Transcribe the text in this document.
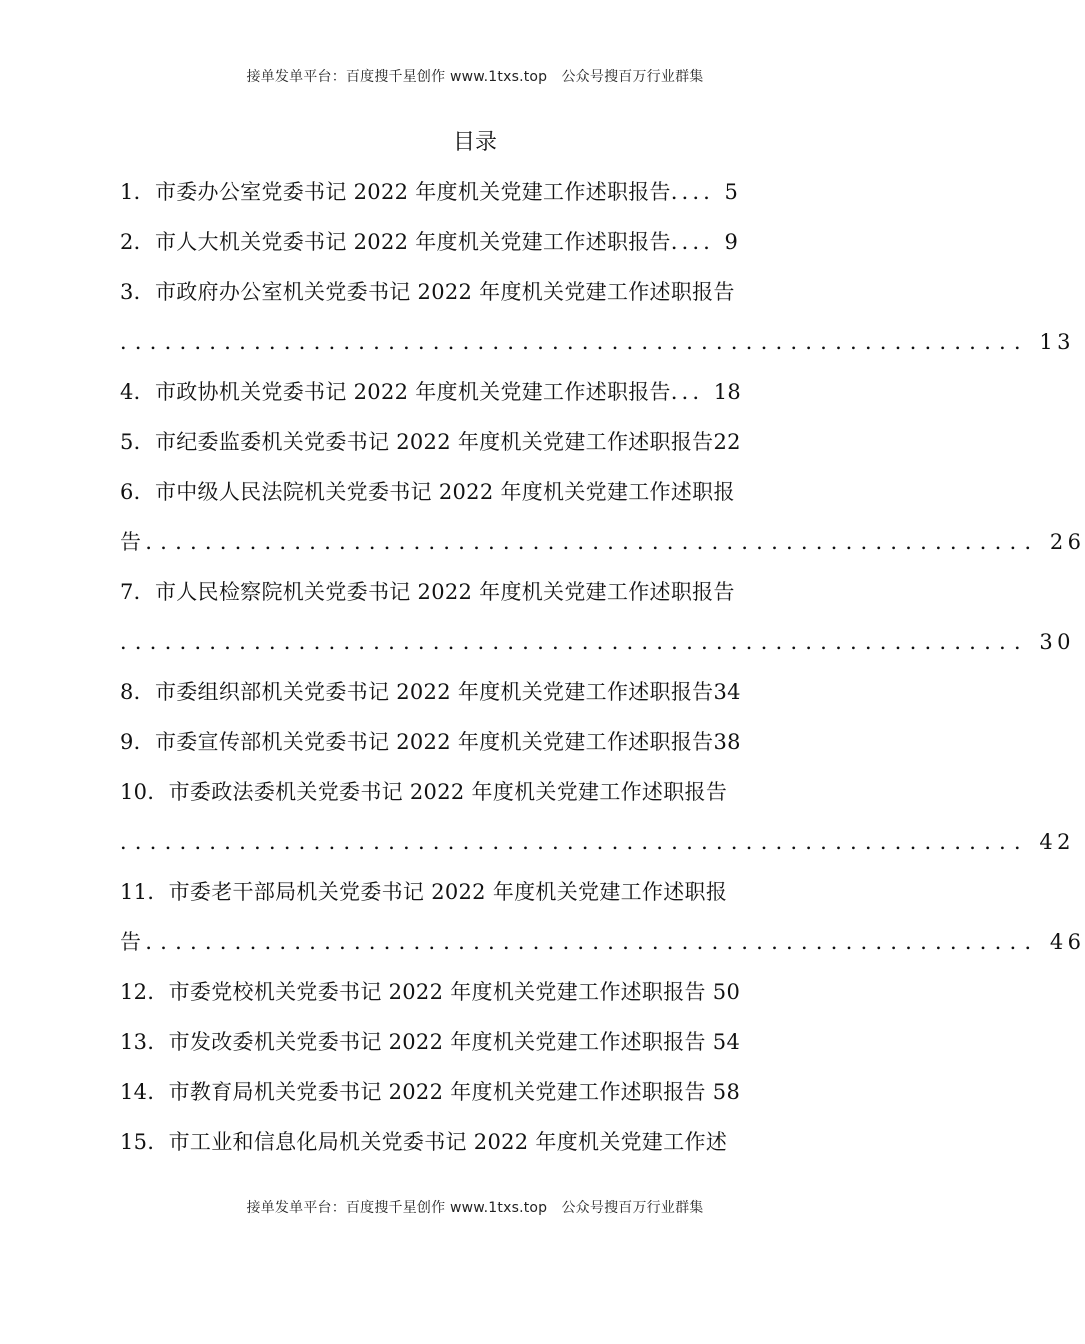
接单发单平台：百度搜千星创作 www.1txs.top　公众号搜百万行业群集
目录
1．市委办公室党委书记 2022 年度机关党建工作述职报告．．．．5
2．市人大机关党委书记 2022 年度机关党建工作述职报告．．．．9
3．市政府办公室机关党委书记 2022 年度机关党建工作述职报告
．．．．．．．．．．．．．．．．．．．．．．．．．．．．．．．．．．．．．．．．．．．．．．．．．．．．．．．．．．．．．13
4．市政协机关党委书记 2022 年度机关党建工作述职报告．．．18
5．市纪委监委机关党委书记 2022 年度机关党建工作述职报告22
6．市中级人民法院机关党委书记 2022 年度机关党建工作述职报
告．．．．．．．．．．．．．．．．．．．．．．．．．．．．．．．．．．．．．．．．．．．．．．．．．．．．．．．．．．．．26
7．市人民检察院机关党委书记 2022 年度机关党建工作述职报告
．．．．．．．．．．．．．．．．．．．．．．．．．．．．．．．．．．．．．．．．．．．．．．．．．．．．．．．．．．．．．30
8．市委组织部机关党委书记 2022 年度机关党建工作述职报告34
9．市委宣传部机关党委书记 2022 年度机关党建工作述职报告38
10．市委政法委机关党委书记 2022 年度机关党建工作述职报告
．．．．．．．．．．．．．．．．．．．．．．．．．．．．．．．．．．．．．．．．．．．．．．．．．．．．．．．．．．．．．42
11．市委老干部局机关党委书记 2022 年度机关党建工作述职报
告．．．．．．．．．．．．．．．．．．．．．．．．．．．．．．．．．．．．．．．．．．．．．．．．．．．．．．．．．．．．46
12．市委党校机关党委书记 2022 年度机关党建工作述职报告 50
13．市发改委机关党委书记 2022 年度机关党建工作述职报告 54
14．市教育局机关党委书记 2022 年度机关党建工作述职报告 58
15．市工业和信息化局机关党委书记 2022 年度机关党建工作述
接单发单平台：百度搜千星创作 www.1txs.top　公众号搜百万行业群集
